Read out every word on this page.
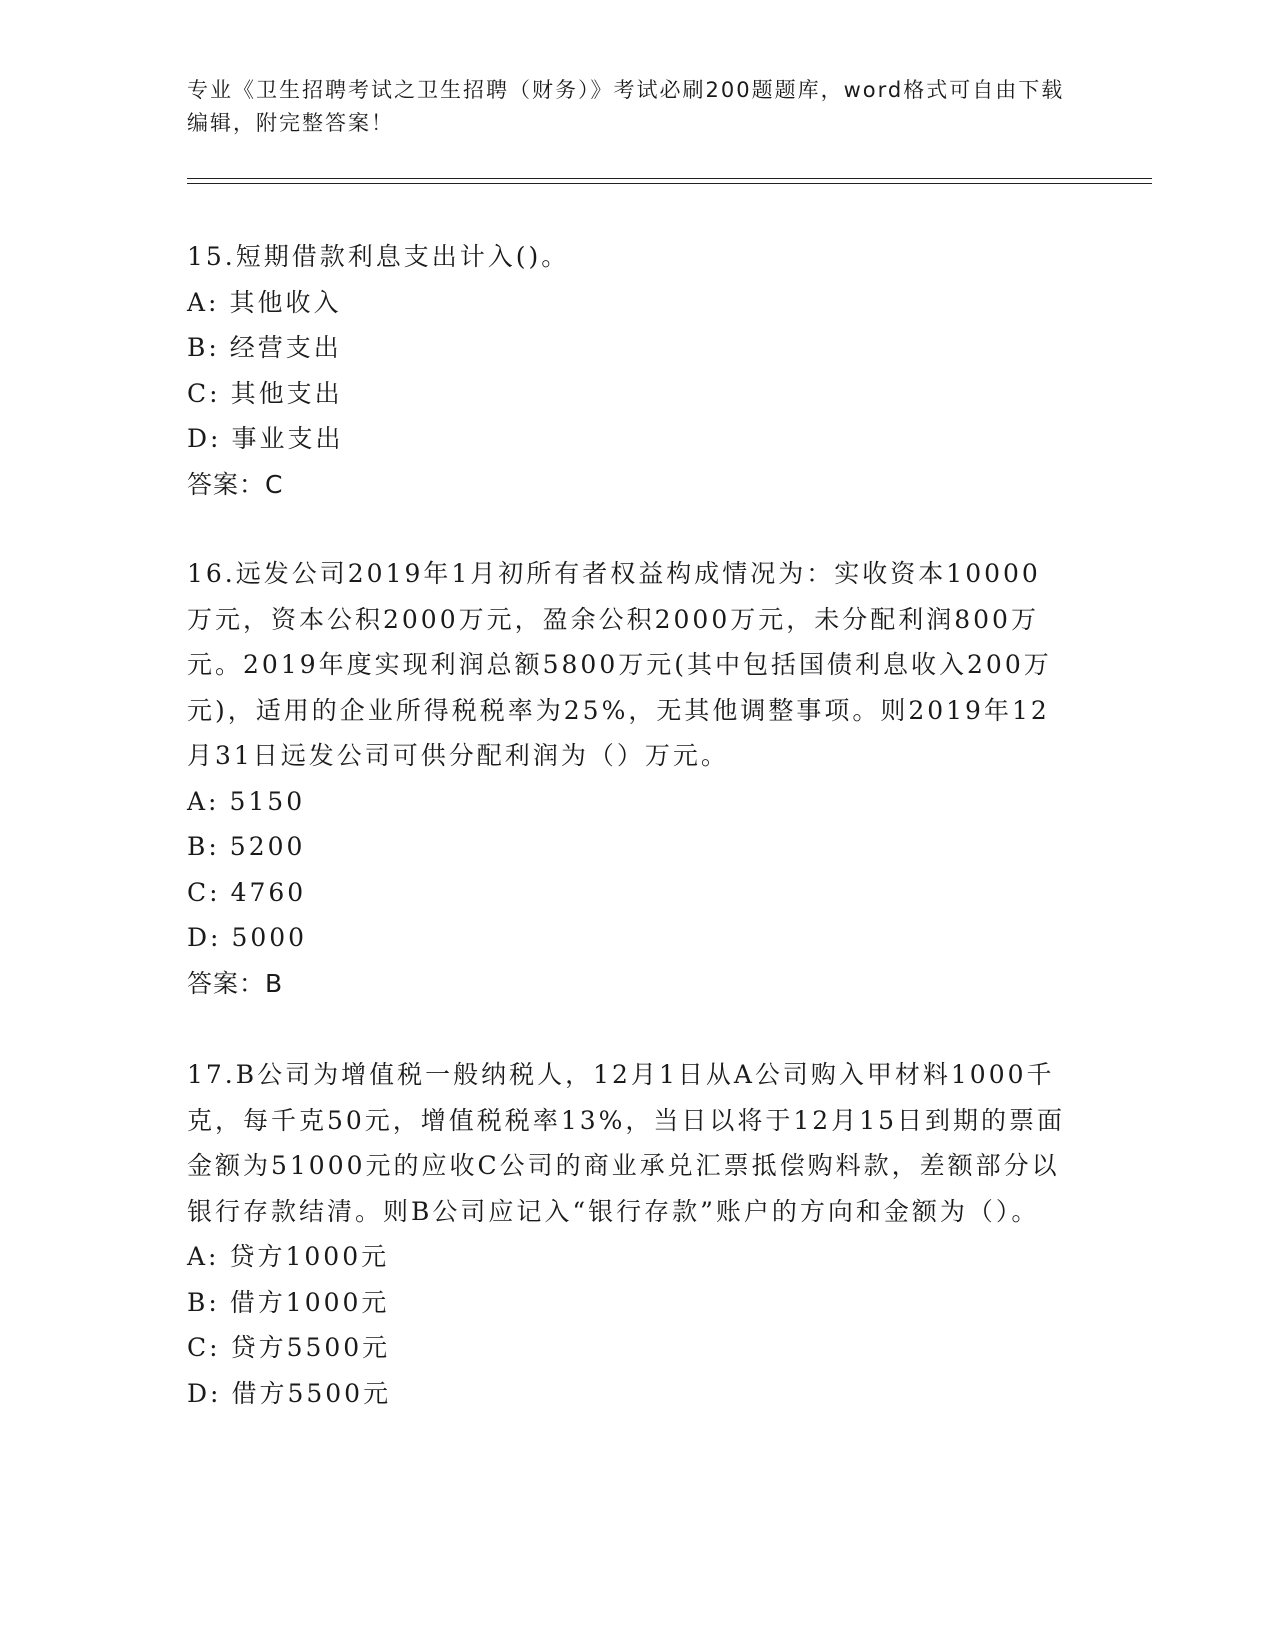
专业《卫生招聘考试之卫生招聘（财务）》考试必刷200题题库，word格式可自由下载编辑，附完整答案！

15.短期借款利息支出计入()。

A: 其他收入

B: 经营支出

C: 其他支出

D: 事业支出

答案：C

16.远发公司2019年1月初所有者权益构成情况为：实收资本10000万元，资本公积2000万元，盈余公积2000万元，未分配利润800万元。2019年度实现利润总额5800万元(其中包括国债利息收入200万元)，适用的企业所得税税率为25%，无其他调整事项。则2019年12月31日远发公司可供分配利润为（）万元。

A: 5150

B: 5200

C: 4760

D: 5000

答案：B

17.B公司为增值税一般纳税人，12月1日从A公司购入甲材料1000千克，每千克50元，增值税税率13%，当日以将于12月15日到期的票面金额为51000元的应收C公司的商业承兑汇票抵偿购料款，差额部分以银行存款结清。则B公司应记入“银行存款”账户的方向和金额为（）。

A: 贷方1000元

B: 借方1000元

C: 贷方5500元

D: 借方5500元
